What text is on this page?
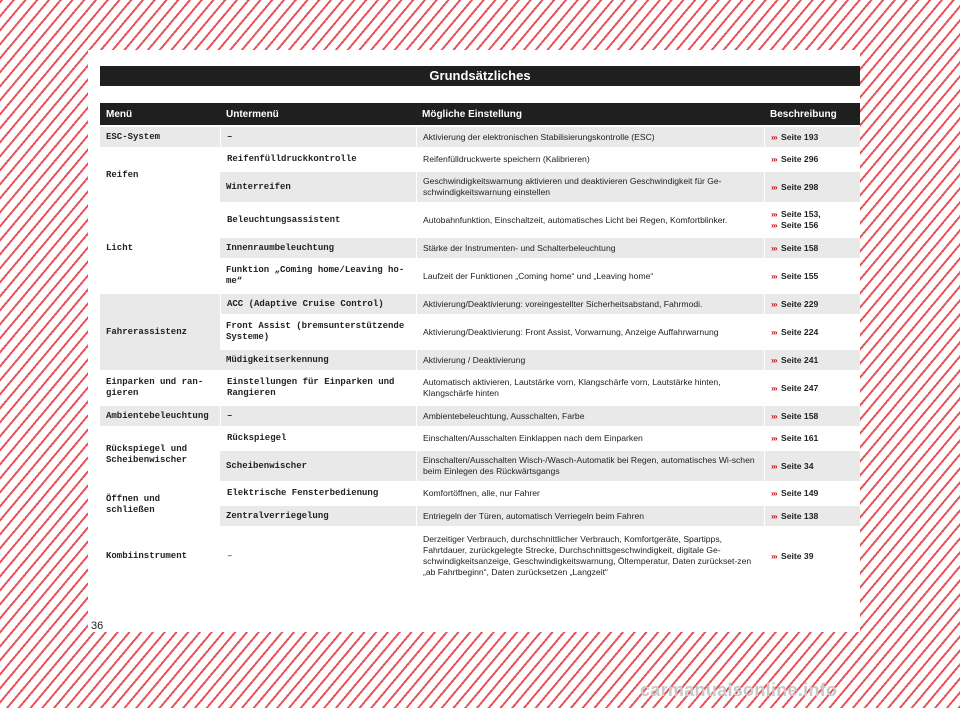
Grundsätzliches
Menü	Untermenü	Mögliche Einstellung	Beschreibung
ESC-System	–	Aktivierung der elektronischen Stabilisierungskontrolle (ESC)	››› Seite 193
Reifen	Reifenfülldruckkontrolle	Reifenfülldruckwerte speichern (Kalibrieren)	››› Seite 296
	Winterreifen	Geschwindigkeitswarnung aktivieren und deaktivieren Geschwindigkeit für Ge-schwindigkeitswarnung einstellen	››› Seite 298
Licht	Beleuchtungsassistent	Autobahnfunktion, Einschaltzeit, automatisches Licht bei Regen, Komfortblinker.	››› Seite 153,
››› Seite 156
	Innenraumbeleuchtung	Stärke der Instrumenten- und Schalterbeleuchtung	››› Seite 158
	Funktion „Coming home/Leaving ho-me“	Laufzeit der Funktionen „Coming home“ und „Leaving home“	››› Seite 155
Fahrerassistenz	ACC (Adaptive Cruise Control)	Aktivierung/Deaktivierung: voreingestellter Sicherheitsabstand, Fahrmodi.	››› Seite 229
	Front Assist (bremsunterstützende Systeme)	Aktivierung/Deaktivierung: Front Assist, Vorwarnung, Anzeige Auffahrwarnung	››› Seite 224
	Müdigkeitserkennung	Aktivierung / Deaktivierung	››› Seite 241
Einparken und ran-gieren	Einstellungen für Einparken und Rangieren	Automatisch aktivieren, Lautstärke vorn, Klangschärfe vorn, Lautstärke hinten, Klangschärfe hinten	››› Seite 247
Ambientebeleuchtung	–	Ambientebeleuchtung, Ausschalten, Farbe	››› Seite 158
Rückspiegel und Scheibenwischer	Rückspiegel	Einschalten/Ausschalten Einklappen nach dem Einparken	››› Seite 161
	Scheibenwischer	Einschalten/Ausschalten Wisch-/Wasch-Automatik bei Regen, automatisches Wi-schen beim Einlegen des Rückwärtsgangs	››› Seite 34
Öffnen und schließen	Elektrische Fensterbedienung	Komfortöffnen, alle, nur Fahrer	››› Seite 149
	Zentralverriegelung	Entriegeln der Türen, automatisch Verriegeln beim Fahren	››› Seite 138
Kombiinstrument	–	Derzeitiger Verbrauch, durchschnittlicher Verbrauch, Komfortgeräte, Spartipps, Fahrtdauer, zurückgelegte Strecke, Durchschnittsgeschwindigkeit, digitale Ge-schwindigkeitsanzeige, Geschwindigkeitswarnung, Öltemperatur, Daten zurückset-zen „ab Fahrtbeginn“, Daten zurücksetzen „Langzeit“	››› Seite 39
36
carmanualsonline.info
